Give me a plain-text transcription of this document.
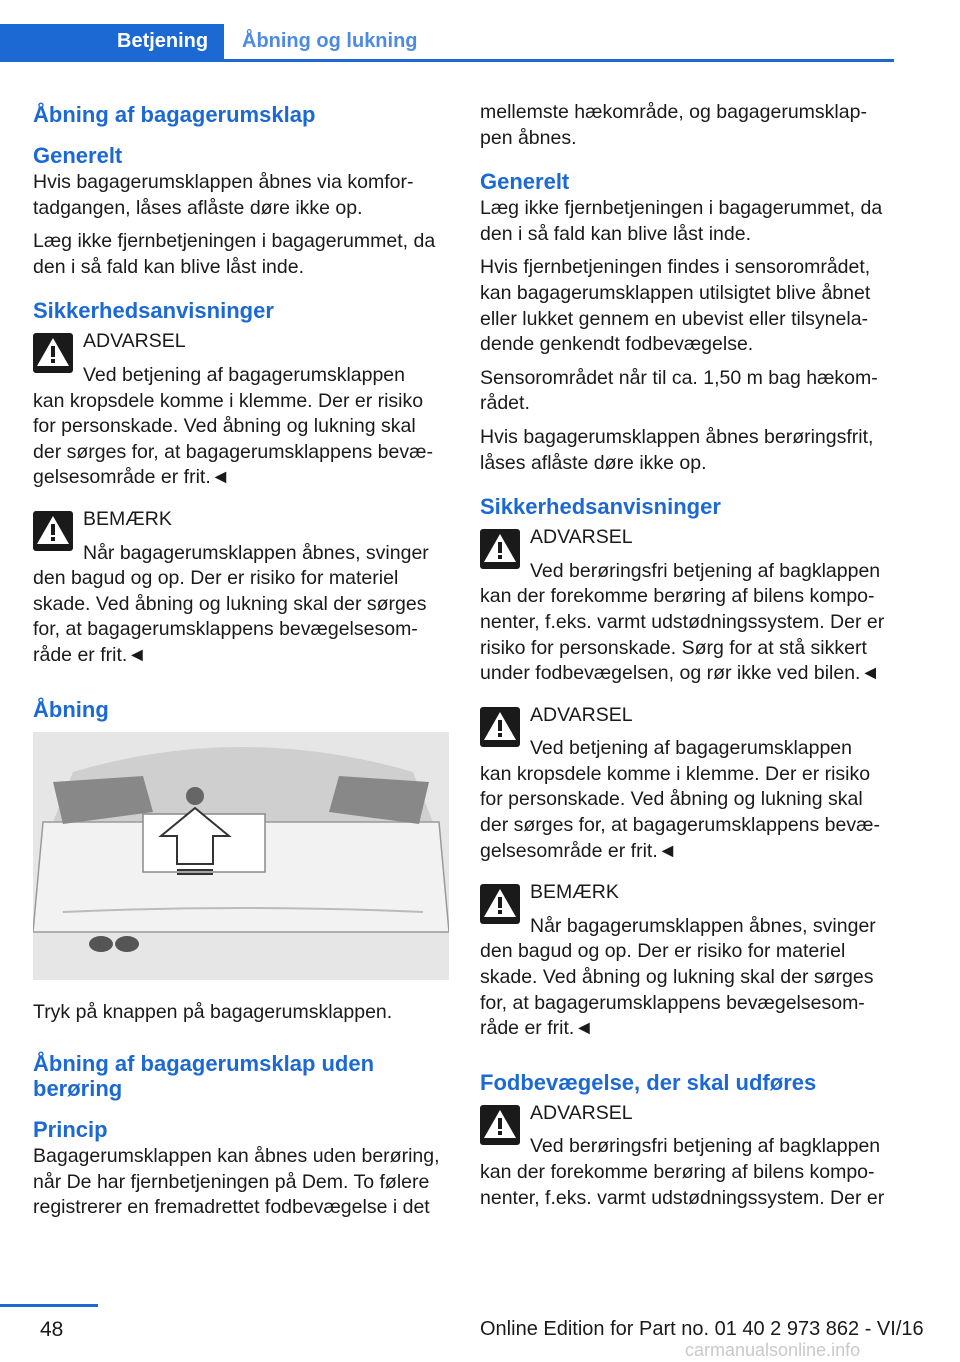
Betjening Åbning og lukning
Åbning af bagagerumsklap
Generelt

Hvis bagagerumsklappen åbnes via komfor-tadgangen, låses aflåste døre ikke op.

Læg ikke fjernbetjeningen i bagagerummet, da den i så fald kan blive låst inde.

Sikkerhedsanvisninger
ADVARSEL
Ved betjening af bagagerumsklappen
kan kropsdele komme i klemme. Der er risiko for personskade. Ved åbning og lukning skal der sørges for, at bagagerumsklappens bevæ-gelsesområde er frit.◄
BEMÆRK
Når bagagerumsklappen åbnes, svinger
den bagud og op. Der er risiko for materiel skade. Ved åbning og lukning skal der sørges for, at bagagerumsklappens bevægelsesom-råde er frit.◄
Åbning

Tryk på knappen på bagagerumsklappen.

Åbning af bagagerumsklap uden berøring
Princip

Bagagerumsklappen kan åbnes uden berøring, når De har fjernbetjeningen på Dem. To følere registrerer en fremadrettet fodbevægelse i det

mellemste hækområde, og bagagerumsklap-pen åbnes.

Generelt

Læg ikke fjernbetjeningen i bagagerummet, da den i så fald kan blive låst inde.

Hvis fjernbetjeningen findes i sensorområdet, kan bagagerumsklappen utilsigtet blive åbnet eller lukket gennem en ubevist eller tilsynela-dende genkendt fodbevægelse.

Sensorområdet når til ca. 1,50 m bag hækom-rådet.

Hvis bagagerumsklappen åbnes berøringsfrit, låses aflåste døre ikke op.

Sikkerhedsanvisninger
ADVARSEL
Ved berøringsfri betjening af bagklappen
kan der forekomme berøring af bilens kompo-nenter, f.eks. varmt udstødningssystem. Der er risiko for personskade. Sørg for at stå sikkert under fodbevægelsen, og rør ikke ved bilen.◄
ADVARSEL
Ved betjening af bagagerumsklappen
kan kropsdele komme i klemme. Der er risiko for personskade. Ved åbning og lukning skal der sørges for, at bagagerumsklappens bevæ-gelsesområde er frit.◄
BEMÆRK
Når bagagerumsklappen åbnes, svinger
den bagud og op. Der er risiko for materiel skade. Ved åbning og lukning skal der sørges for, at bagagerumsklappens bevægelsesom-råde er frit.◄
Fodbevægelse, der skal udføres
ADVARSEL
Ved berøringsfri betjening af bagklappen
kan der forekomme berøring af bilens kompo-nenter, f.eks. varmt udstødningssystem. Der er
48	Online Edition for Part no. 01 40 2 973 862 - VI/16
carmanualsonline.info
